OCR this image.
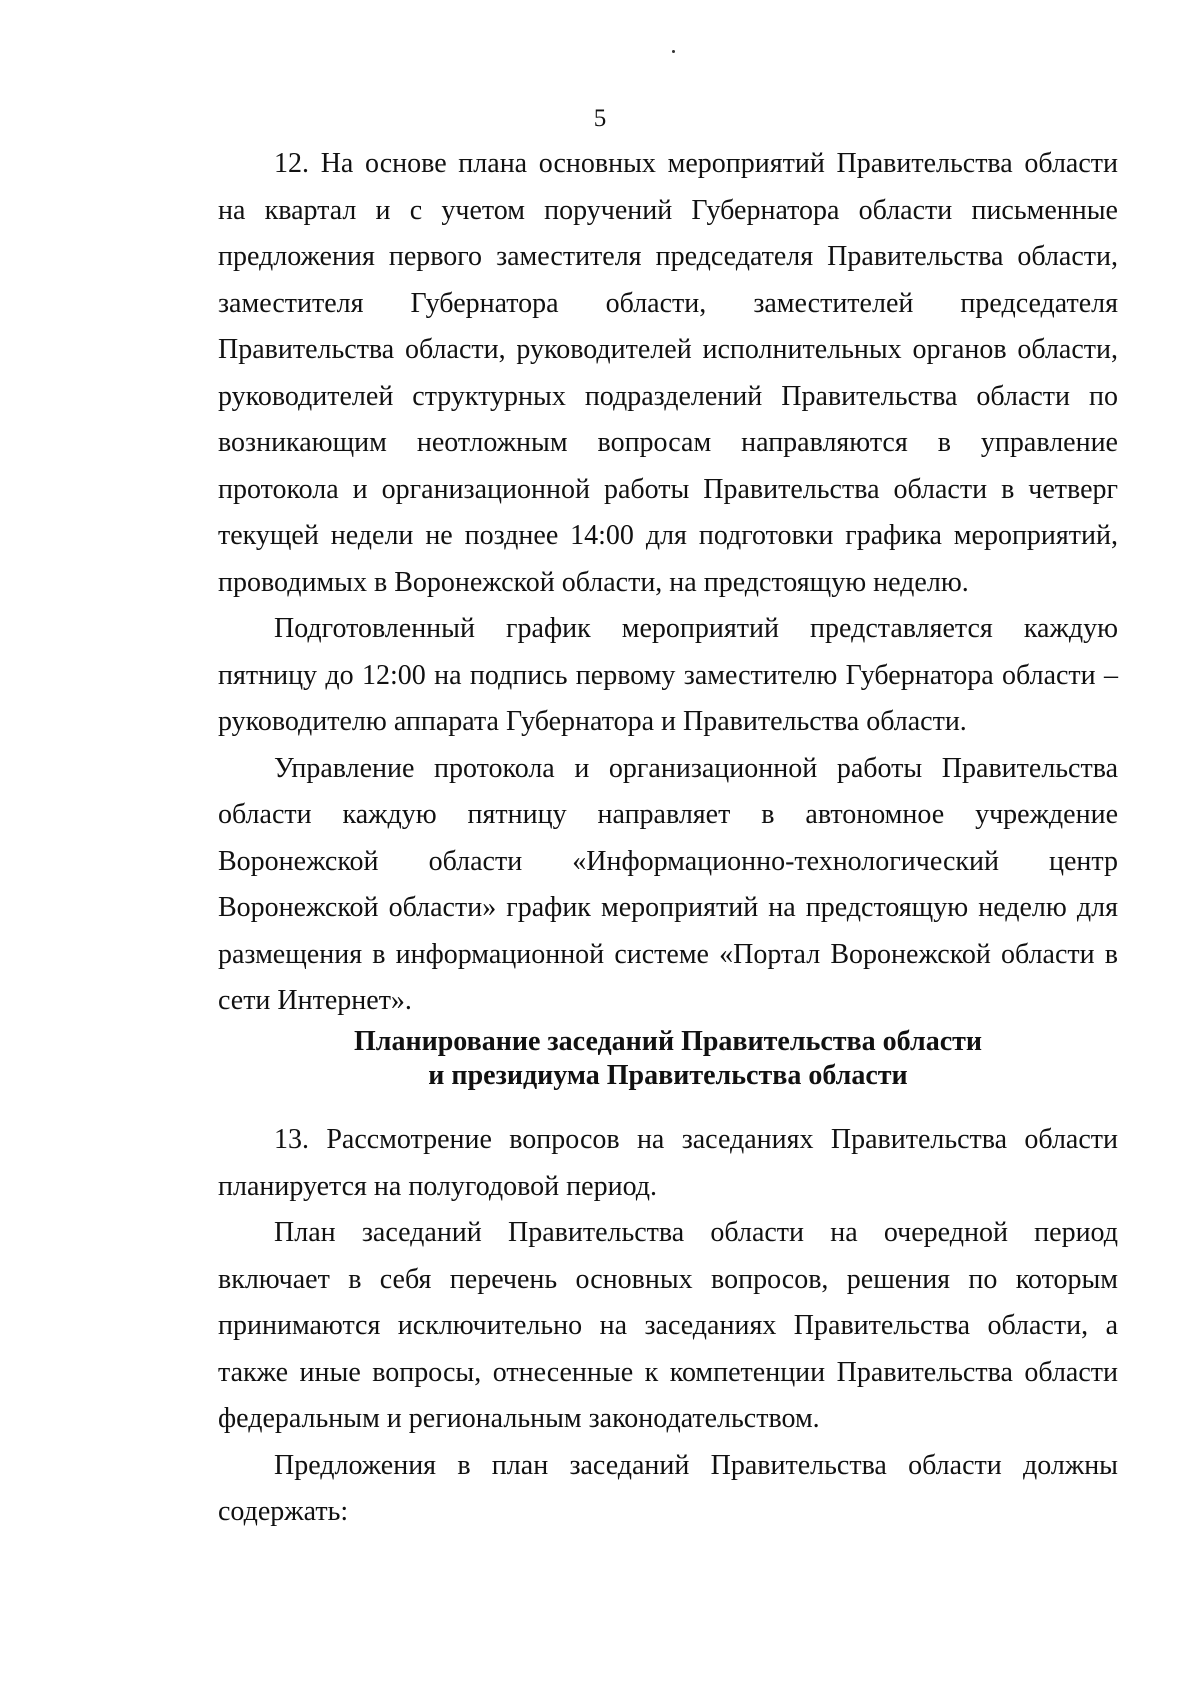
5

12. На основе плана основных мероприятий Правительства области на квартал и с учетом поручений Губернатора области письменные предложения первого заместителя председателя Правительства области, заместителя Губернатора области, заместителей председателя Правительства области, руководителей исполнительных органов области, руководителей структурных подразделений Правительства области по возникающим неотложным вопросам направляются в управление протокола и организационной работы Правительства области в четверг текущей недели не позднее 14:00 для подготовки графика мероприятий, проводимых в Воронежской области, на предстоящую неделю.

Подготовленный график мероприятий представляется каждую пятницу до 12:00 на подпись первому заместителю Губернатора области – руководителю аппарата Губернатора и Правительства области.

Управление протокола и организационной работы Правительства области каждую пятницу направляет в автономное учреждение Воронежской области «Информационно-технологический центр Воронежской области» график мероприятий на предстоящую неделю для размещения в информационной системе «Портал Воронежской области в сети Интернет».

Планирование заседаний Правительства области
и президиума Правительства области

13. Рассмотрение вопросов на заседаниях Правительства области планируется на полугодовой период.

План заседаний Правительства области на очередной период включает в себя перечень основных вопросов, решения по которым принимаются исключительно на заседаниях Правительства области, а также иные вопросы, отнесенные к компетенции Правительства области федеральным и региональным законодательством.

Предложения в план заседаний Правительства области должны содержать:
